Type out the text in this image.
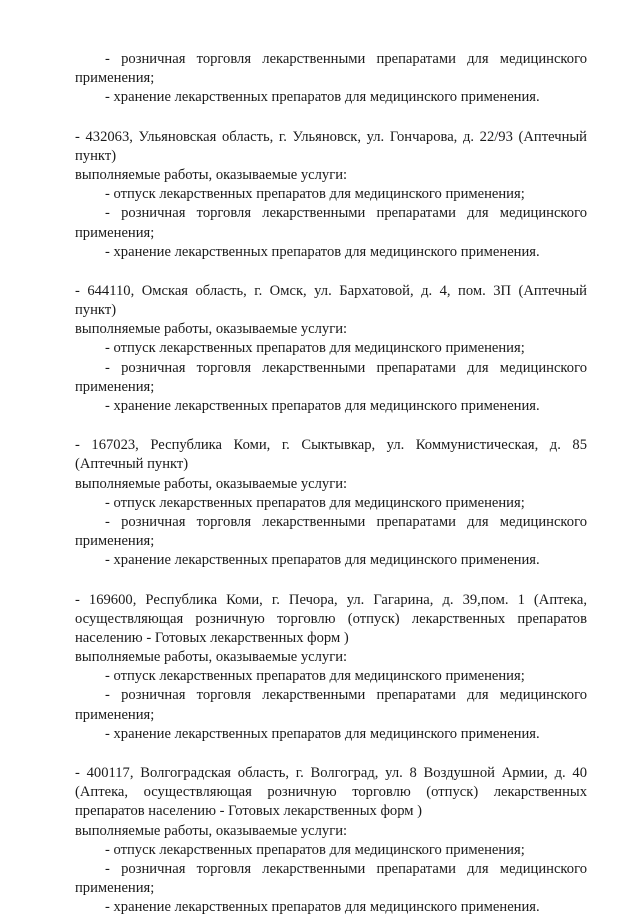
- розничная торговля лекарственными препаратами для медицинского
применения;
- хранение лекарственных препаратов для медицинского применения.
- 432063, Ульяновская область, г. Ульяновск, ул. Гончарова, д. 22/93 (Аптечный
пункт)
выполняемые работы, оказываемые услуги:
- отпуск лекарственных препаратов для медицинского применения;
- розничная торговля лекарственными препаратами для медицинского
применения;
- хранение лекарственных препаратов для медицинского применения.
- 644110, Омская область, г. Омск, ул. Бархатовой, д. 4, пом. 3П (Аптечный
пункт)
выполняемые работы, оказываемые услуги:
- отпуск лекарственных препаратов для медицинского применения;
- розничная торговля лекарственными препаратами для медицинского
применения;
- хранение лекарственных препаратов для медицинского применения.
- 167023, Республика Коми, г. Сыктывкар, ул. Коммунистическая, д. 85
(Аптечный пункт)
выполняемые работы, оказываемые услуги:
- отпуск лекарственных препаратов для медицинского применения;
- розничная торговля лекарственными препаратами для медицинского
применения;
- хранение лекарственных препаратов для медицинского применения.
- 169600, Республика Коми, г. Печора, ул. Гагарина, д. 39,пом. 1 (Аптека,
осуществляющая розничную торговлю (отпуск) лекарственных препаратов
населению - Готовых лекарственных форм )
выполняемые работы, оказываемые услуги:
- отпуск лекарственных препаратов для медицинского применения;
- розничная торговля лекарственными препаратами для медицинского
применения;
- хранение лекарственных препаратов для медицинского применения.
- 400117, Волгоградская область, г. Волгоград, ул. 8 Воздушной Армии, д. 40
(Аптека, осуществляющая розничную торговлю (отпуск) лекарственных
препаратов населению - Готовых лекарственных форм )
выполняемые работы, оказываемые услуги:
- отпуск лекарственных препаратов для медицинского применения;
- розничная торговля лекарственными препаратами для медицинского
применения;
- хранение лекарственных препаратов для медицинского применения.
